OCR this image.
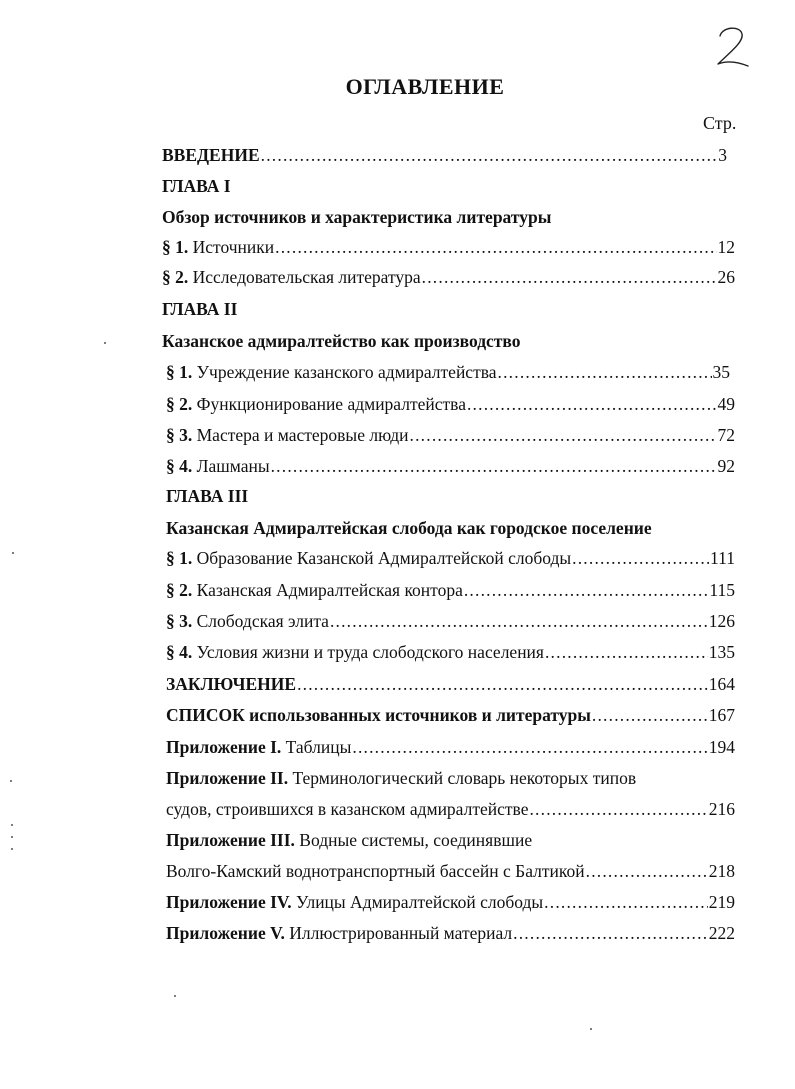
ОГЛАВЛЕНИЕ
Стр.
ВВЕДЕНИЕ .....	3
ГЛАВА I
Обзор источников и характеристика литературы
§ 1. Источники .....	12
§ 2. Исследовательская литература .....	26
ГЛАВА II
Казанское адмиралтейство как производство
§ 1. Учреждение казанского адмиралтейства .....	35
§ 2. Функционирование адмиралтейства .....	49
§ 3. Мастера и мастеровые люди .....	72
§ 4. Лашманы .....	92
ГЛАВА III
Казанская Адмиралтейская слобода как городское поселение
§ 1. Образование Казанской Адмиралтейской слободы .....	111
§ 2. Казанская Адмиралтейская контора .....	115
§ 3. Слободская элита .....	126
§ 4. Условия жизни и труда слободского населения .....	135
ЗАКЛЮЧЕНИЕ .....	164
СПИСОК использованных источников и литературы .....	167
Приложение I. Таблицы .....	194
Приложение II. Терминологический словарь некоторых типов
судов, строившихся в казанском адмиралтействе .....	216
Приложение III. Водные системы, соединявшие
Волго-Камский воднотранспортный бассейн с Балтикой .....	218
Приложение IV. Улицы Адмиралтейской слободы .....	219
Приложение V. Иллюстрированный материал .....	222
